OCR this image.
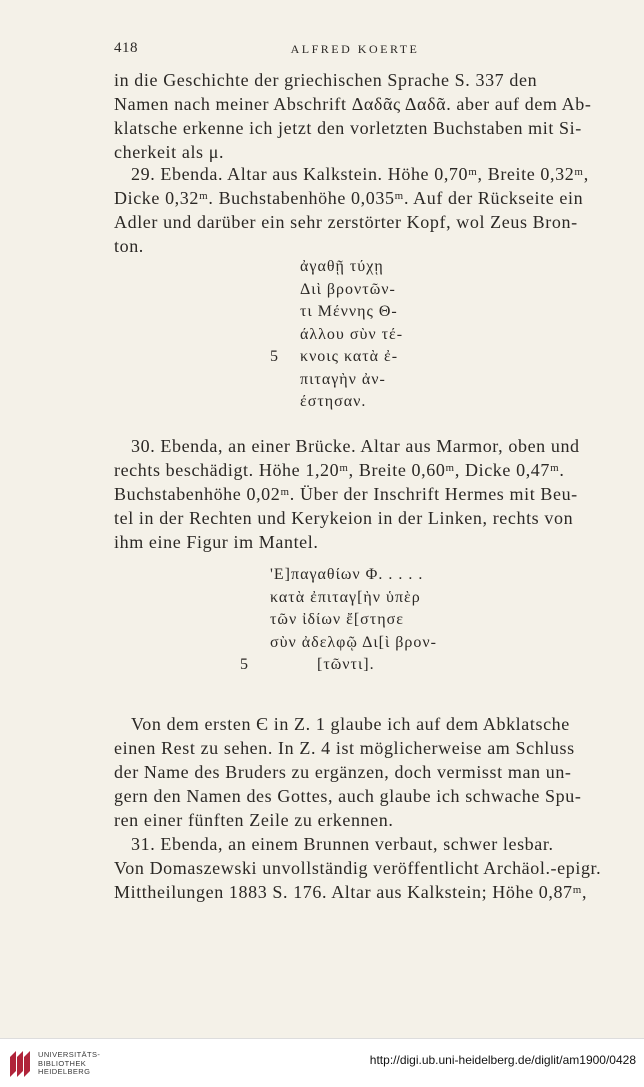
418	ALFRED KOERTE
in die Geschichte der griechischen Sprache S. 337 den
Namen nach meiner Abschrift Δαδᾶς Δαδᾶ. aber auf dem Ab-
klatsche erkenne ich jetzt den vorletzten Buchstaben mit Si-
cherkeit als μ.
29. Ebenda. Altar aus Kalkstein. Höhe 0,70ᵐ, Breite 0,32ᵐ,
Dicke 0,32ᵐ. Buchstabenhöhe 0,035ᵐ. Auf der Rückseite ein
Adler und darüber ein sehr zerstörter Kopf, wol Zeus Bron-
ton.
ἀγαθῇ τύχῃ
Διὶ βροντῶν-
τι Μέννης Θ-
άλλου σὺν τέ-
5 κνοις κατὰ ἐ-
πιταγὴν ἀν-
έστησαν.
30. Ebenda, an einer Brücke. Altar aus Marmor, oben und
rechts beschädigt. Höhe 1,20ᵐ, Breite 0,60ᵐ, Dicke 0,47ᵐ.
Buchstabenhöhe 0,02ᵐ. Über der Inschrift Hermes mit Beu-
tel in der Rechten und Kerykeion in der Linken, rechts von
ihm eine Figur im Mantel.
'Ε]παγαθίων Φ. . . . .
κατὰ ἐπιταγ[ὴν ὑπὲρ
τῶν ἰδίων ἔ[στησε
σὺν ἀδελφῷ Δι[ὶ βρον-
5	[τῶντι].
Von dem ersten Є in Z. 1 glaube ich auf dem Abklatsche
einen Rest zu sehen. In Z. 4 ist möglicherweise am Schluss
der Name des Bruders zu ergänzen, doch vermisst man un-
gern den Namen des Gottes, auch glaube ich schwache Spu-
ren einer fünften Zeile zu erkennen.
31. Ebenda, an einem Brunnen verbaut, schwer lesbar.
Von Domaszewski unvollständig veröffentlicht Archäol.-epigr.
Mittheilungen 1883 S. 176. Altar aus Kalkstein; Höhe 0,87ᵐ,
UNIVERSITÄTS-
BIBLIOTHEK
HEIDELBERG
http://digi.ub.uni-heidelberg.de/diglit/am1900/0428
